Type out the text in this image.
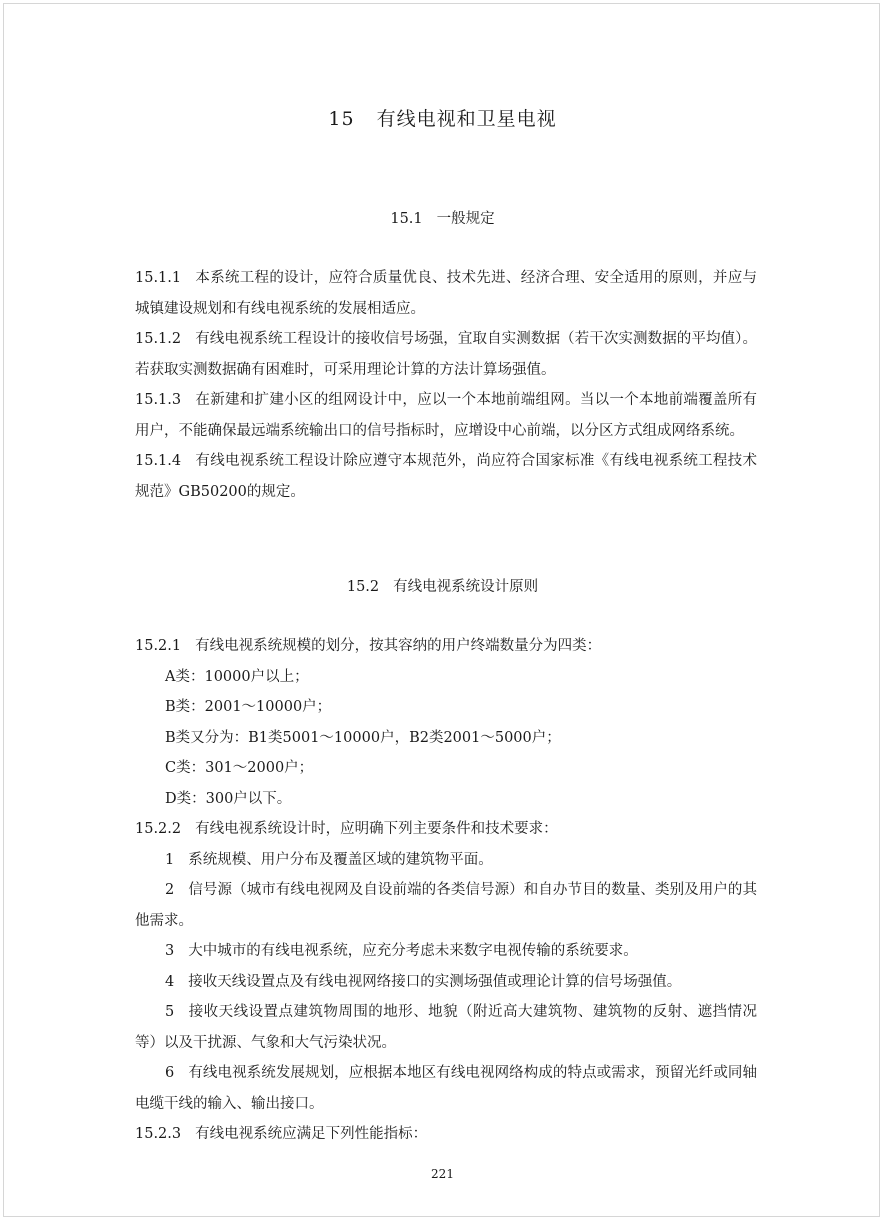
15 有线电视和卫星电视
15.1 一般规定

15.1.1 本系统工程的设计，应符合质量优良、技术先进、经济合理、安全适用的原则，并应与城镇建设规划和有线电视系统的发展相适应。

15.1.2 有线电视系统工程设计的接收信号场强，宜取自实测数据（若干次实测数据的平均值）。若获取实测数据确有困难时，可采用理论计算的方法计算场强值。

15.1.3 在新建和扩建小区的组网设计中，应以一个本地前端组网。当以一个本地前端覆盖所有用户，不能确保最远端系统输出口的信号指标时，应增设中心前端，以分区方式组成网络系统。

15.1.4 有线电视系统工程设计除应遵守本规范外，尚应符合国家标准《有线电视系统工程技术规范》GB50200的规定。

15.2 有线电视系统设计原则

15.2.1 有线电视系统规模的划分，按其容纳的用户终端数量分为四类：

A类：10000户以上；

B类：2001～10000户；

B类又分为：B1类5001～10000户，B2类2001～5000户；

C类：301～2000户；

D类：300户以下。

15.2.2 有线电视系统设计时，应明确下列主要条件和技术要求：

1 系统规模、用户分布及覆盖区域的建筑物平面。

2 信号源（城市有线电视网及自设前端的各类信号源）和自办节目的数量、类别及用户的其他需求。

3 大中城市的有线电视系统，应充分考虑未来数字电视传输的系统要求。

4 接收天线设置点及有线电视网络接口的实测场强值或理论计算的信号场强值。

5 接收天线设置点建筑物周围的地形、地貌（附近高大建筑物、建筑物的反射、遮挡情况等）以及干扰源、气象和大气污染状况。

6 有线电视系统发展规划，应根据本地区有线电视网络构成的特点或需求，预留光纤或同轴电缆干线的输入、输出接口。

15.2.3 有线电视系统应满足下列性能指标：

221
